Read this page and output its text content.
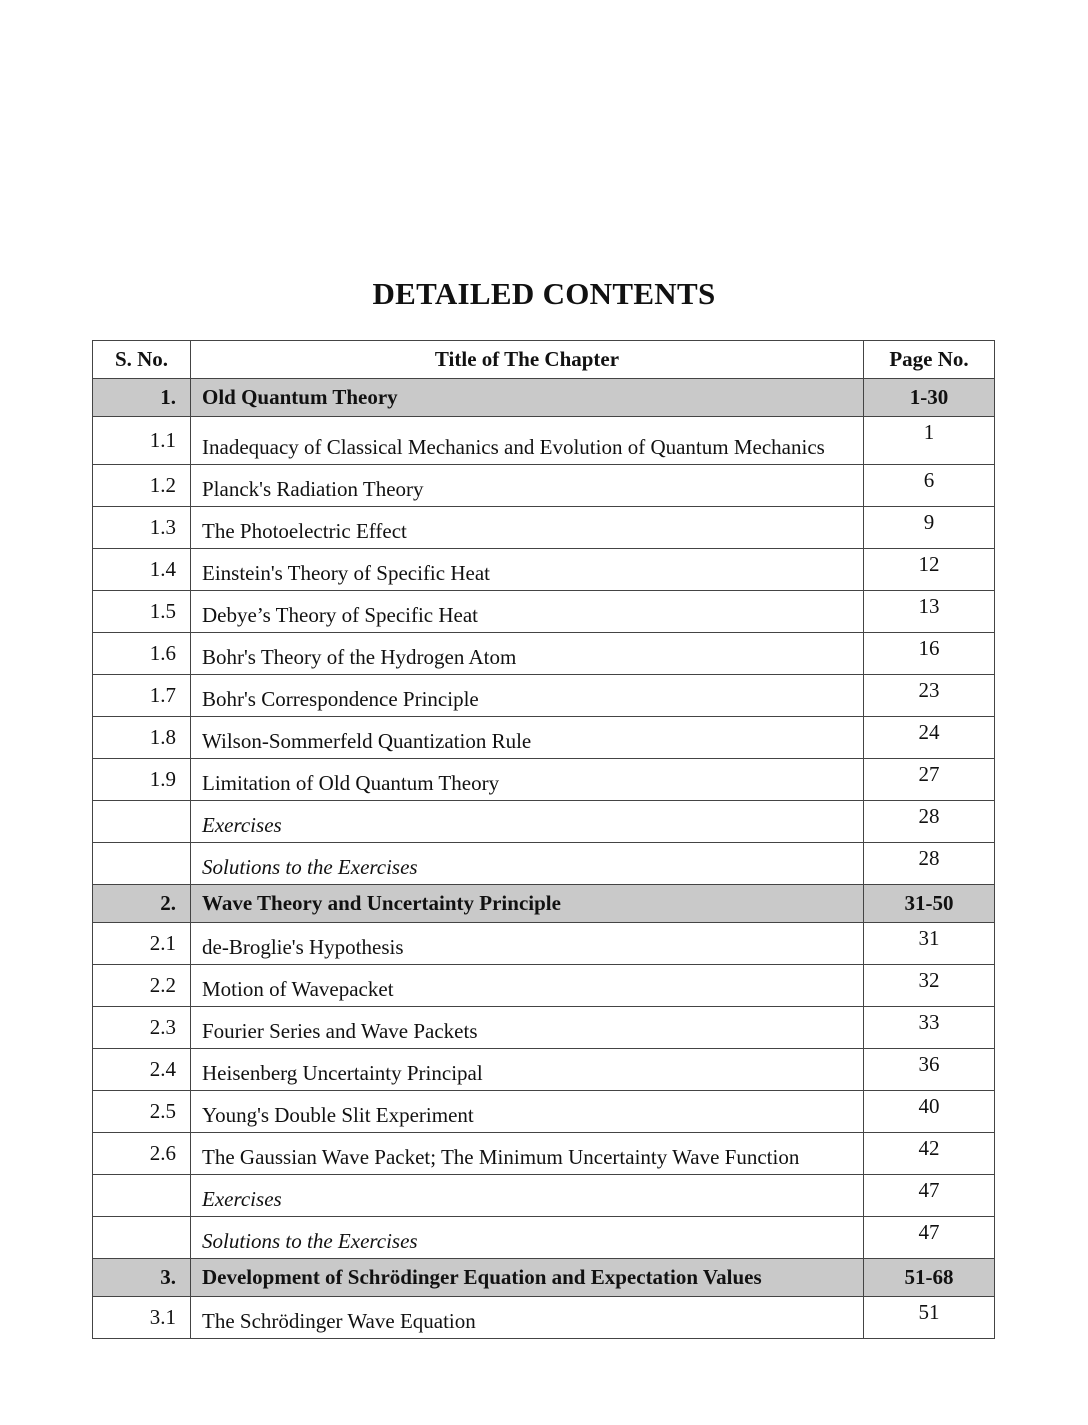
DETAILED CONTENTS
S. No.	Title of The Chapter	Page No.
1.	Old Quantum Theory	1-30
1.1	Inadequacy of Classical Mechanics and Evolution of Quantum Mechanics	1
1.2	Planck's Radiation Theory	6
1.3	The Photoelectric Effect	9
1.4	Einstein's Theory of Specific Heat	12
1.5	Debye’s Theory of Specific Heat	13
1.6	Bohr's Theory of the Hydrogen Atom	16
1.7	Bohr's Correspondence Principle	23
1.8	Wilson-Sommerfeld Quantization Rule	24
1.9	Limitation of Old Quantum Theory	27
	Exercises	28
	Solutions to the Exercises	28
2.	Wave Theory and Uncertainty Principle	31-50
2.1	de-Broglie's Hypothesis	31
2.2	Motion of Wavepacket	32
2.3	Fourier Series and Wave Packets	33
2.4	Heisenberg Uncertainty Principal	36
2.5	Young's Double Slit Experiment	40
2.6	The Gaussian Wave Packet; The Minimum Uncertainty Wave Function	42
	Exercises	47
	Solutions to the Exercises	47
3.	Development of Schrödinger Equation and Expectation Values	51-68
3.1	The Schrödinger Wave Equation	51
